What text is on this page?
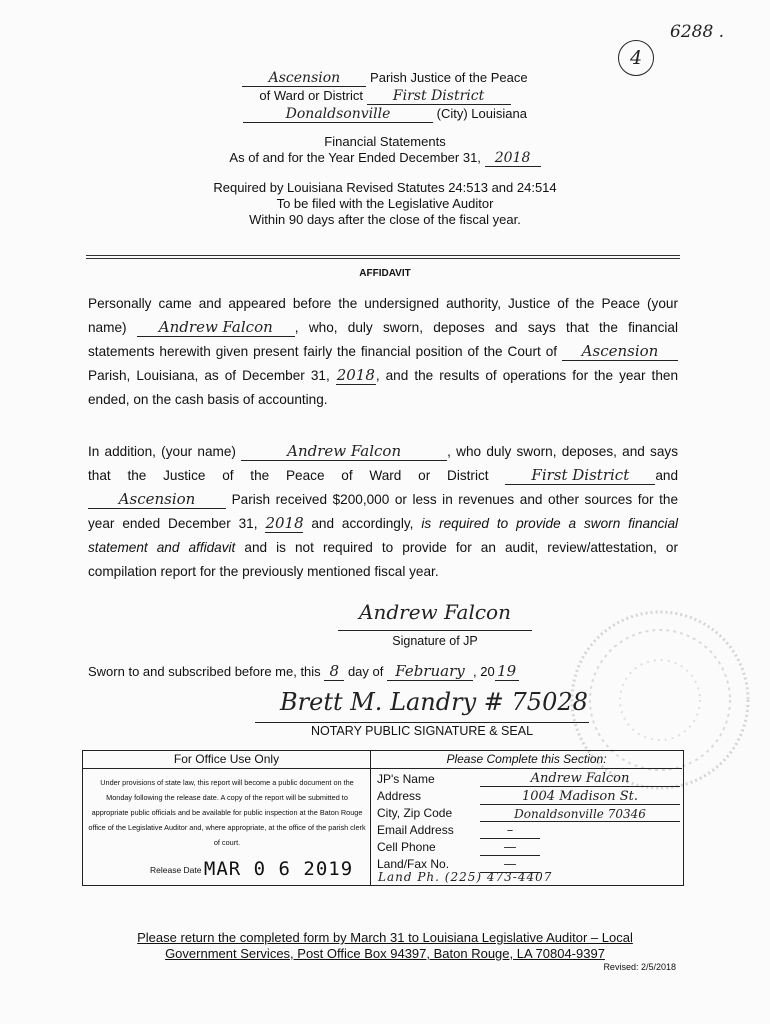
6288 .
4
Ascension Parish Justice of the Peace
of Ward or District First District
Donaldsonville	(City) Louisiana
Financial Statements
As of and for the Year Ended December 31, 2018
Required by Louisiana Revised Statutes 24:513 and 24:514
To be filed with the Legislative Auditor
Within 90 days after the close of the fiscal year.
AFFIDAVIT
Personally came and appeared before the undersigned authority, Justice of the Peace (your name) Andrew Falcon , who, duly sworn, deposes and says that the financial statements herewith given present fairly the financial position of the Court of Ascension Parish, Louisiana, as of December 31, 2018, and the results of operations for the year then ended, on the cash basis of accounting.
In addition, (your name)	Andrew Falcon	, who duly sworn, deposes, and says that the Justice of the Peace of Ward or District	First District and Ascension	Parish received $200,000 or less in revenues and other sources for the year ended December 31, 2018 and accordingly, is required to provide a sworn financial statement and affidavit and is not required to provide for an audit, review/attestation, or compilation report for the previously mentioned fiscal year.
Andrew Falcon
Signature of JP
Sworn to and subscribed before me, this 8 day of February , 20 19
Brett M. Landry # 75028
NOTARY PUBLIC SIGNATURE & SEAL
For Office Use Only
Under provisions of state law, this report will become a public document on the Monday following the release date. A copy of the report will be submitted to appropriate public officials and be available for public inspection at the Baton Rouge office of the Legislative Auditor and, where appropriate, at the office of the parish clerk of court.
Release Date MAR 0 6 2019
Please Complete this Section:
JP's Name	Andrew Falcon
Address	1004 Madison St.
City, Zip Code	Donaldsonville 70346
Email Address	–
Cell Phone	—
Land/Fax No.	—
Land Ph. (225) 473-4407
Please return the completed form by March 31 to Louisiana Legislative Auditor – Local
Government Services, Post Office Box 94397, Baton Rouge, LA 70804-9397
Revised: 2/5/2018
